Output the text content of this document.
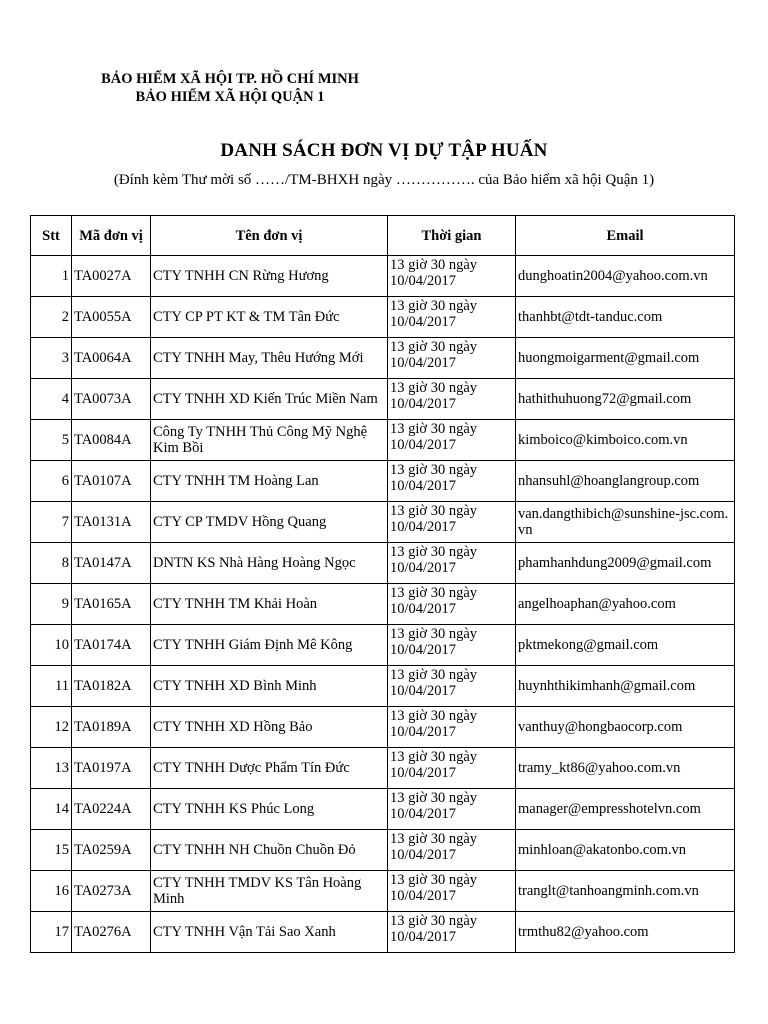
BẢO HIỂM XÃ HỘI TP. HỒ CHÍ MINH
BẢO HIỂM XÃ HỘI QUẬN 1
DANH SÁCH ĐƠN VỊ DỰ TẬP HUẤN
(Đính kèm Thư mời số ……/TM-BHXH ngày ……………. của Bảo hiểm xã hội Quận 1)
Stt	Mã đơn vị	Tên đơn vị	Thời gian	Email
1	TA0027A	CTY TNHH CN Rừng Hương	13 giờ 30 ngày 10/04/2017	dunghoatin2004@yahoo.com.vn
2	TA0055A	CTY CP PT KT & TM Tân Đức	13 giờ 30 ngày 10/04/2017	thanhbt@tdt-tanduc.com
3	TA0064A	CTY TNHH May, Thêu Hướng Mới	13 giờ 30 ngày 10/04/2017	huongmoigarment@gmail.com
4	TA0073A	CTY TNHH XD Kiến Trúc Miền Nam	13 giờ 30 ngày 10/04/2017	hathithuhuong72@gmail.com
5	TA0084A	Công Ty TNHH Thủ Công Mỹ Nghệ Kim Bồi	13 giờ 30 ngày 10/04/2017	kimboico@kimboico.com.vn
6	TA0107A	CTY TNHH TM Hoàng Lan	13 giờ 30 ngày 10/04/2017	nhansuhl@hoanglangroup.com
7	TA0131A	CTY CP TMDV Hồng Quang	13 giờ 30 ngày 10/04/2017	van.dangthibich@sunshine-jsc.com.vn
8	TA0147A	DNTN KS Nhà Hàng Hoàng Ngọc	13 giờ 30 ngày 10/04/2017	phamhanhdung2009@gmail.com
9	TA0165A	CTY TNHH TM Khải Hoàn	13 giờ 30 ngày 10/04/2017	angelhoaphan@yahoo.com
10	TA0174A	CTY TNHH Giám Định Mê Kông	13 giờ 30 ngày 10/04/2017	pktmekong@gmail.com
11	TA0182A	CTY TNHH XD Bình Minh	13 giờ 30 ngày 10/04/2017	huynhthikimhanh@gmail.com
12	TA0189A	CTY TNHH XD Hồng Bảo	13 giờ 30 ngày 10/04/2017	vanthuy@hongbaocorp.com
13	TA0197A	CTY TNHH Dược Phẩm Tín Đức	13 giờ 30 ngày 10/04/2017	tramy_kt86@yahoo.com.vn
14	TA0224A	CTY TNHH KS Phúc Long	13 giờ 30 ngày 10/04/2017	manager@empresshotelvn.com
15	TA0259A	CTY TNHH NH Chuồn Chuồn Đỏ	13 giờ 30 ngày 10/04/2017	minhloan@akatonbo.com.vn
16	TA0273A	CTY TNHH TMDV KS Tân Hoàng Minh	13 giờ 30 ngày 10/04/2017	tranglt@tanhoangminh.com.vn
17	TA0276A	CTY TNHH Vận Tải Sao Xanh	13 giờ 30 ngày 10/04/2017	trmthu82@yahoo.com
